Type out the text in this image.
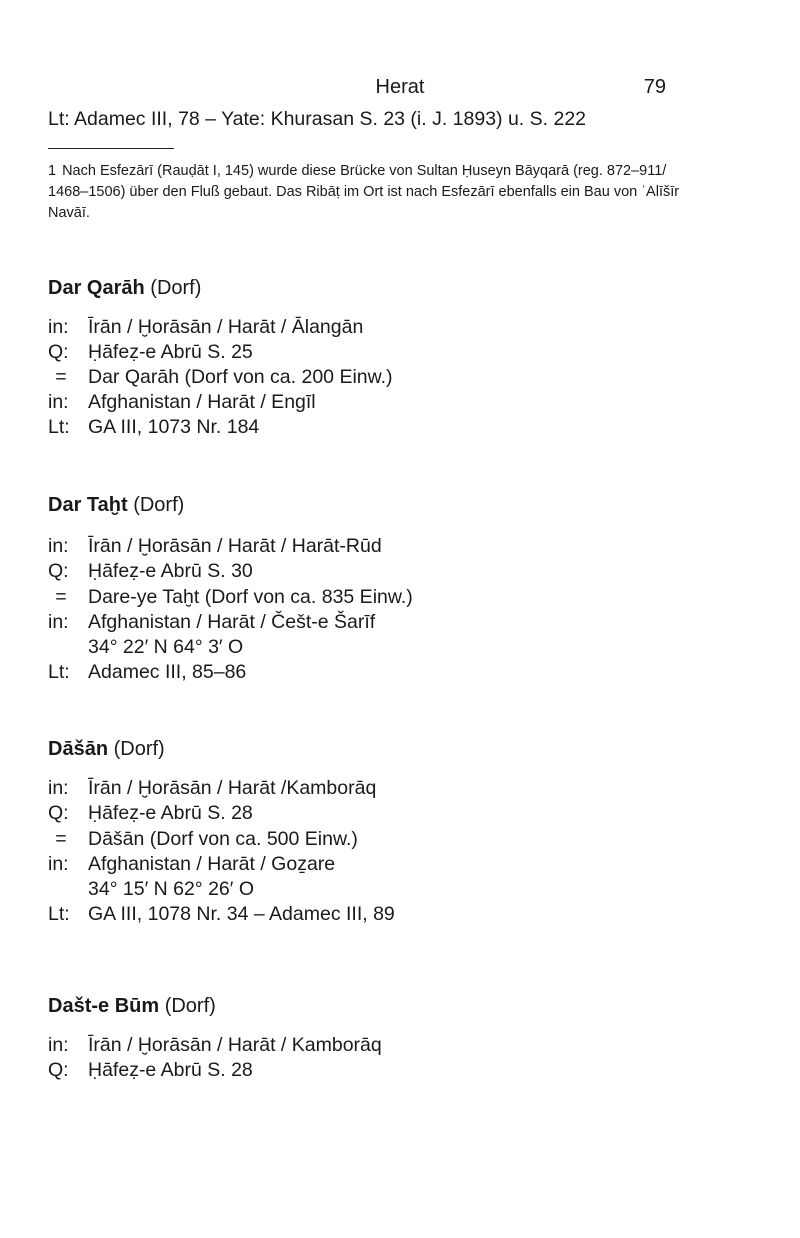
Herat	79
Lt: Adamec III, 78 – Yate: Khurasan S. 23 (i. J. 1893) u. S. 222
1 Nach Esfezārī (Rauḍāt I, 145) wurde diese Brücke von Sultan Ḥuseyn Bāyqarā (reg. 872–911/ 1468–1506) über den Fluß gebaut. Das Ribāṭ im Ort ist nach Esfezārī ebenfalls ein Bau von ʿAlīšīr Navāī.
Dar Qarāh (Dorf)
in: Īrān / Ḫorāsān / Harāt / Ālangān
Q: Ḥāfeẓ-e Abrū S. 25
= Dar Qarāh (Dorf von ca. 200 Einw.)
in: Afghanistan / Harāt / Engīl
Lt: GA III, 1073 Nr. 184
Dar Taḫt (Dorf)
in: Īrān / Ḫorāsān / Harāt / Harāt-Rūd
Q: Ḥāfeẓ-e Abrū S. 30
= Dare-ye Taḫt (Dorf von ca. 835 Einw.)
in: Afghanistan / Harāt / Češt-e Šarīf
34° 22′ N 64° 3′ O
Lt: Adamec III, 85–86
Dāšān (Dorf)
in: Īrān / Ḫorāsān / Harāt /Kamborāq
Q: Ḥāfeẓ-e Abrū S. 28
= Dāšān (Dorf von ca. 500 Einw.)
in: Afghanistan / Harāt / Goẕare
34° 15′ N 62° 26′ O
Lt: GA III, 1078 Nr. 34 – Adamec III, 89
Dašt-e Būm (Dorf)
in: Īrān / Ḫorāsān / Harāt / Kamborāq
Q: Ḥāfeẓ-e Abrū S. 28
